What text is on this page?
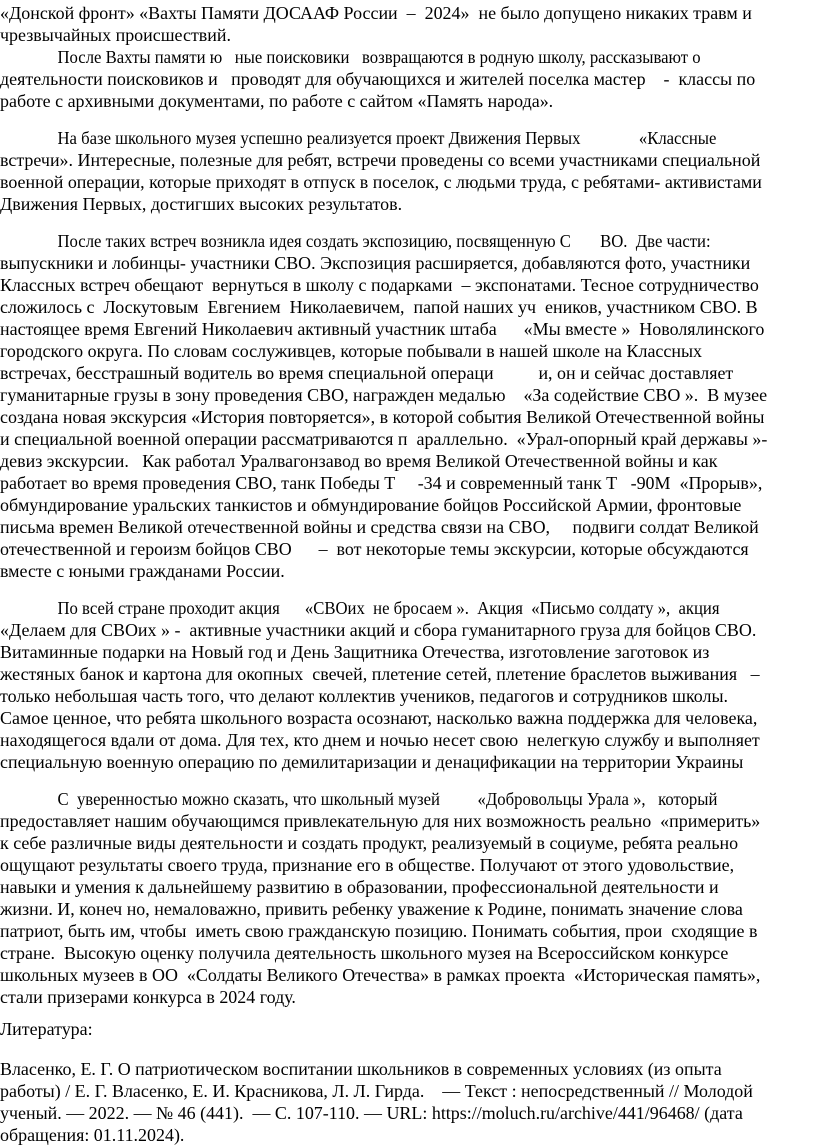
«Донской фронт» «Вахты Памяти ДОСААФ России  –  2024»  не было допущено никаких травм и
чрезвычайных происшествий.
После Вахты памяти ю   ные поисковики   возвращаются в родную школу, рассказывают о
деятельности поисковиков и   проводят для обучающихся и жителей поселка мастер    -  классы по
работе с архивными документами, по работе с сайтом «Память народа».
На базе школьного музея успешно реализуется проект Движения Первых              «Классные
встречи». Интересные, полезные для ребят, встречи проведены со всеми участниками специальной
военной операции, которые приходят в отпуск в поселок, с людьми труда, с ребятами- активистами
Движения Первых, достигших высоких результатов.
После таких встреч возникла идея создать экспозицию, посвященную С       ВО.  Две части:
выпускники и лобинцы- участники СВО. Экспозиция расширяется, добавляются фото, участники
Классных встреч обещают  вернуться в школу с подарками  – экспонатами. Тесное сотрудничество
сложилось с  Лоскутовым  Евгением  Николаевичем,  папой наших уч  еников, участником СВО. В
настоящее время Евгений Николаевич активный участник штаба      «Мы вместе »  Новолялинского
городского округа. По словам сослуживцев, которые побывали в нашей школе на Классных
встречах, бесстрашный водитель во время специальной операци          и, он и сейчас доставляет
гуманитарные грузы в зону проведения СВО, награжден медалью    «За содействие СВО ».  В музее
создана новая экскурсия «История повторяется», в которой события Великой Отечественной войны
и специальной военной операции рассматриваются п  араллельно.  «Урал-опорный край державы »-
девиз экскурсии.   Как работал Уралвагонзавод во время Великой Отечественной войны и как
работает во время проведения СВО, танк Победы Т     -34 и современный танк Т   -90М  «Прорыв»,
обмундирование уральских танкистов и обмундирование бойцов Российской Армии, фронтовые
письма времен Великой отечественной войны и средства связи на СВО,     подвиги солдат Великой
отечественной и героизм бойцов СВО      –  вот некоторые темы экскурсии, которые обсуждаются
вместе с юными гражданами России.
По всей стране проходит акция      «СВОих  не бросаем ».  Акция  «Письмо солдату »,  акция
«Делаем для СВОих » -  активные участники акций и сбора гуманитарного груза для бойцов СВО.
Витаминные подарки на Новый год и День Защитника Отечества, изготовление заготовок из
жестяных банок и картона для окопных  свечей, плетение сетей, плетение браслетов выживания   –
только небольшая часть того, что делают коллектив учеников, педагогов и сотрудников школы.
Самое ценное, что ребята школьного возраста осознают, насколько важна поддержка для человека,
находящегося вдали от дома. Для тех, кто днем и ночью несет свою  нелегкую службу и выполняет
специальную военную операцию по демилитаризации и денацификации на территории Украины
С  уверенностью можно сказать, что школьный музей         «Добровольцы Урала »,   который
предоставляет нашим обучающимся привлекательную для них возможность реально  «примерить»
к себе различные виды деятельности и создать продукт, реализуемый в социуме, ребята реально
ощущают результаты своего труда, признание его в обществе. Получают от этого удовольствие,
навыки и умения к дальнейшему развитию в образовании, профессиональной деятельности и
жизни. И, конеч но, немаловажно, привить ребенку уважение к Родине, понимать значение слова
патриот, быть им, чтобы  иметь свою гражданскую позицию. Понимать события, прои  сходящие в
стране.  Высокую оценку получила деятельность школьного музея на Всероссийском конкурсе
школьных музеев в ОО  «Солдаты Великого Отечества» в рамках проекта  «Историческая память»,
стали призерами конкурса в 2024 году.
Литература:
Власенко, Е. Г. О патриотическом воспитании школьников в современных условиях (из опыта
работы) / Е. Г. Власенко, Е. И. Красникова, Л. Л. Гирда.    — Текст : непосредственный // Молодой
ученый. — 2022. — № 46 (441).  — С. 107-110. — URL: https://moluch.ru/archive/441/96468/ (дата
обращения: 01.11.2024).
